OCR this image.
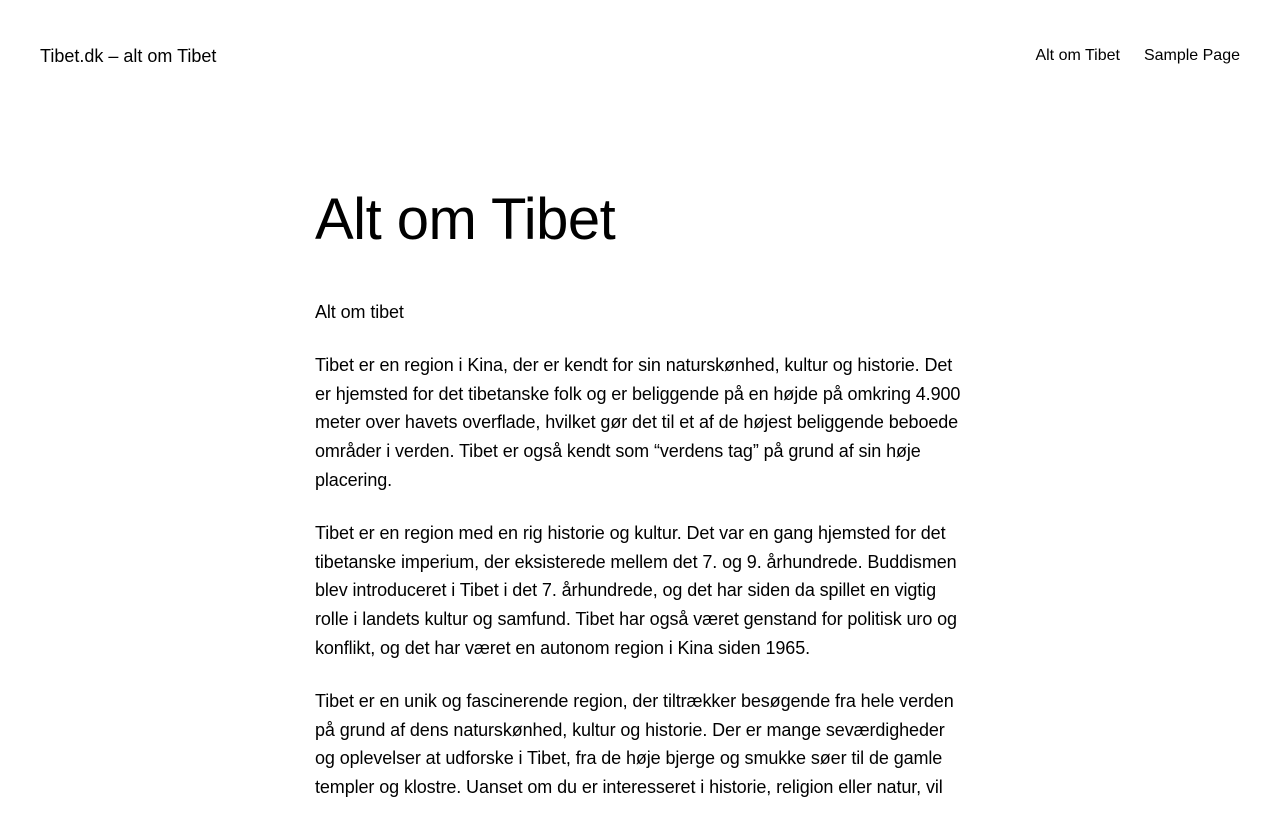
Tibet.dk – alt om Tibet	Alt om Tibet Sample Page
Alt om Tibet

Alt om tibet

Tibet er en region i Kina, der er kendt for sin naturskønhed, kultur og historie. Det er hjemsted for det tibetanske folk og er beliggende på en højde på omkring 4.900 meter over havets overflade, hvilket gør det til et af de højest beliggende beboede områder i verden. Tibet er også kendt som “verdens tag” på grund af sin høje placering.

Tibet er en region med en rig historie og kultur. Det var en gang hjemsted for det tibetanske imperium, der eksisterede mellem det 7. og 9. århundrede. Buddismen blev introduceret i Tibet i det 7. århundrede, og det har siden da spillet en vigtig rolle i landets kultur og samfund. Tibet har også været genstand for politisk uro og konflikt, og det har været en autonom region i Kina siden 1965.

Tibet er en unik og fascinerende region, der tiltrækker besøgende fra hele verden på grund af dens naturskønhed, kultur og historie. Der er mange seværdigheder og oplevelser at udforske i Tibet, fra de høje bjerge og smukke søer til de gamle templer og klostre. Uanset om du er interesseret i historie, religion eller natur, vil
